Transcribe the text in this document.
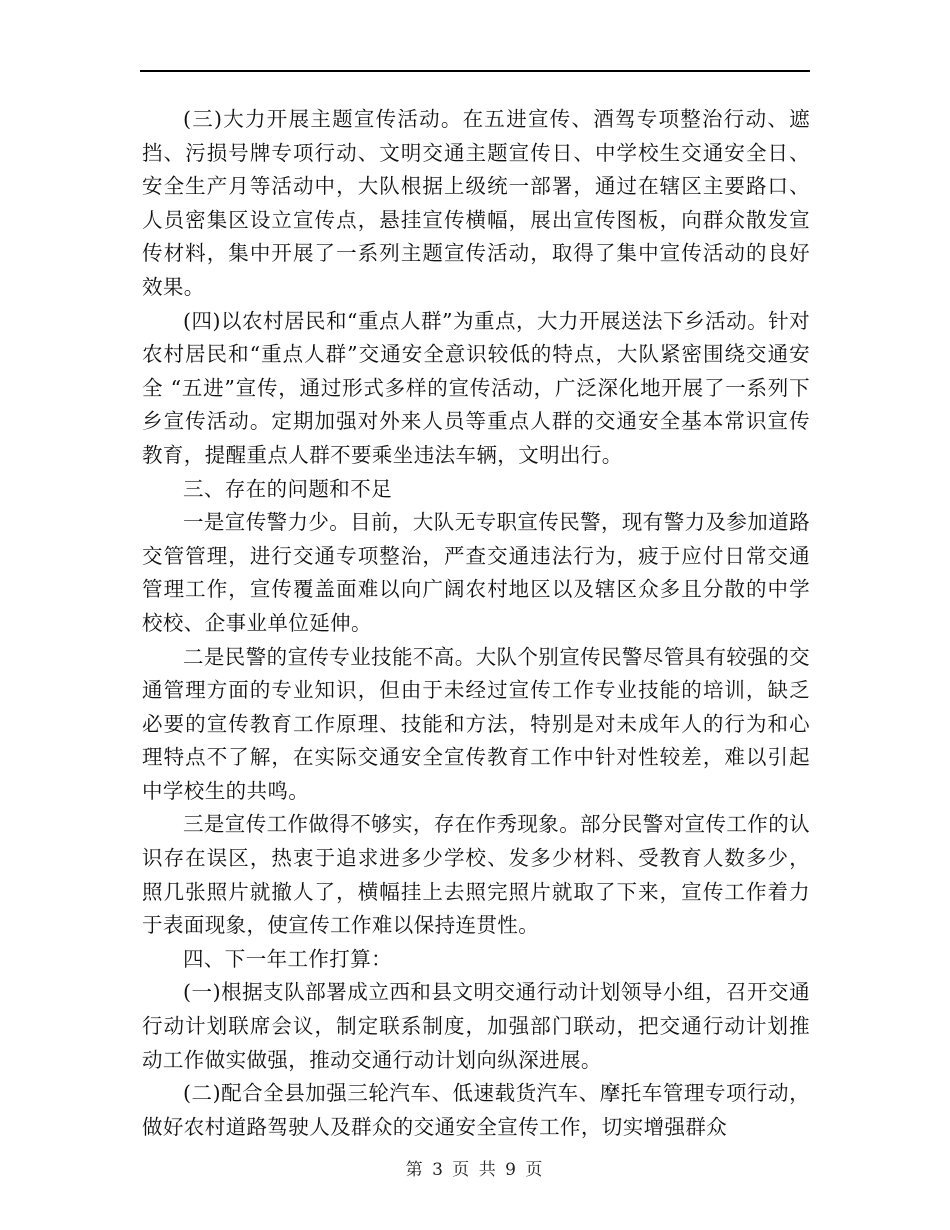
(三)大力开展主题宣传活动。在五进宣传、酒驾专项整治行动、遮挡、污损号牌专项行动、文明交通主题宣传日、中学校生交通安全日、安全生产月等活动中，大队根据上级统一部署，通过在辖区主要路口、人员密集区设立宣传点，悬挂宣传横幅，展出宣传图板，向群众散发宣传材料，集中开展了一系列主题宣传活动，取得了集中宣传活动的良好效果。

(四)以农村居民和“重点人群”为重点，大力开展送法下乡活动。针对农村居民和“重点人群”交通安全意识较低的特点，大队紧密围绕交通安全 “五进”宣传，通过形式多样的宣传活动，广泛深化地开展了一系列下乡宣传活动。定期加强对外来人员等重点人群的交通安全基本常识宣传教育，提醒重点人群不要乘坐违法车辆，文明出行。

三、存在的问题和不足

一是宣传警力少。目前，大队无专职宣传民警，现有警力及参加道路交管管理，进行交通专项整治，严查交通违法行为，疲于应付日常交通管理工作，宣传覆盖面难以向广阔农村地区以及辖区众多且分散的中学校校、企事业单位延伸。

二是民警的宣传专业技能不高。大队个别宣传民警尽管具有较强的交通管理方面的专业知识，但由于未经过宣传工作专业技能的培训，缺乏必要的宣传教育工作原理、技能和方法，特别是对未成年人的行为和心理特点不了解，在实际交通安全宣传教育工作中针对性较差，难以引起中学校生的共鸣。

三是宣传工作做得不够实，存在作秀现象。部分民警对宣传工作的认识存在误区，热衷于追求进多少学校、发多少材料、受教育人数多少，照几张照片就撤人了，横幅挂上去照完照片就取了下来，宣传工作着力于表面现象，使宣传工作难以保持连贯性。

四、下一年工作打算：

(一)根据支队部署成立西和县文明交通行动计划领导小组，召开交通行动计划联席会议，制定联系制度，加强部门联动，把交通行动计划推动工作做实做强，推动交通行动计划向纵深进展。

(二)配合全县加强三轮汽车、低速载货汽车、摩托车管理专项行动，做好农村道路驾驶人及群众的交通安全宣传工作，切实增强群众

第 3 页 共 9 页
